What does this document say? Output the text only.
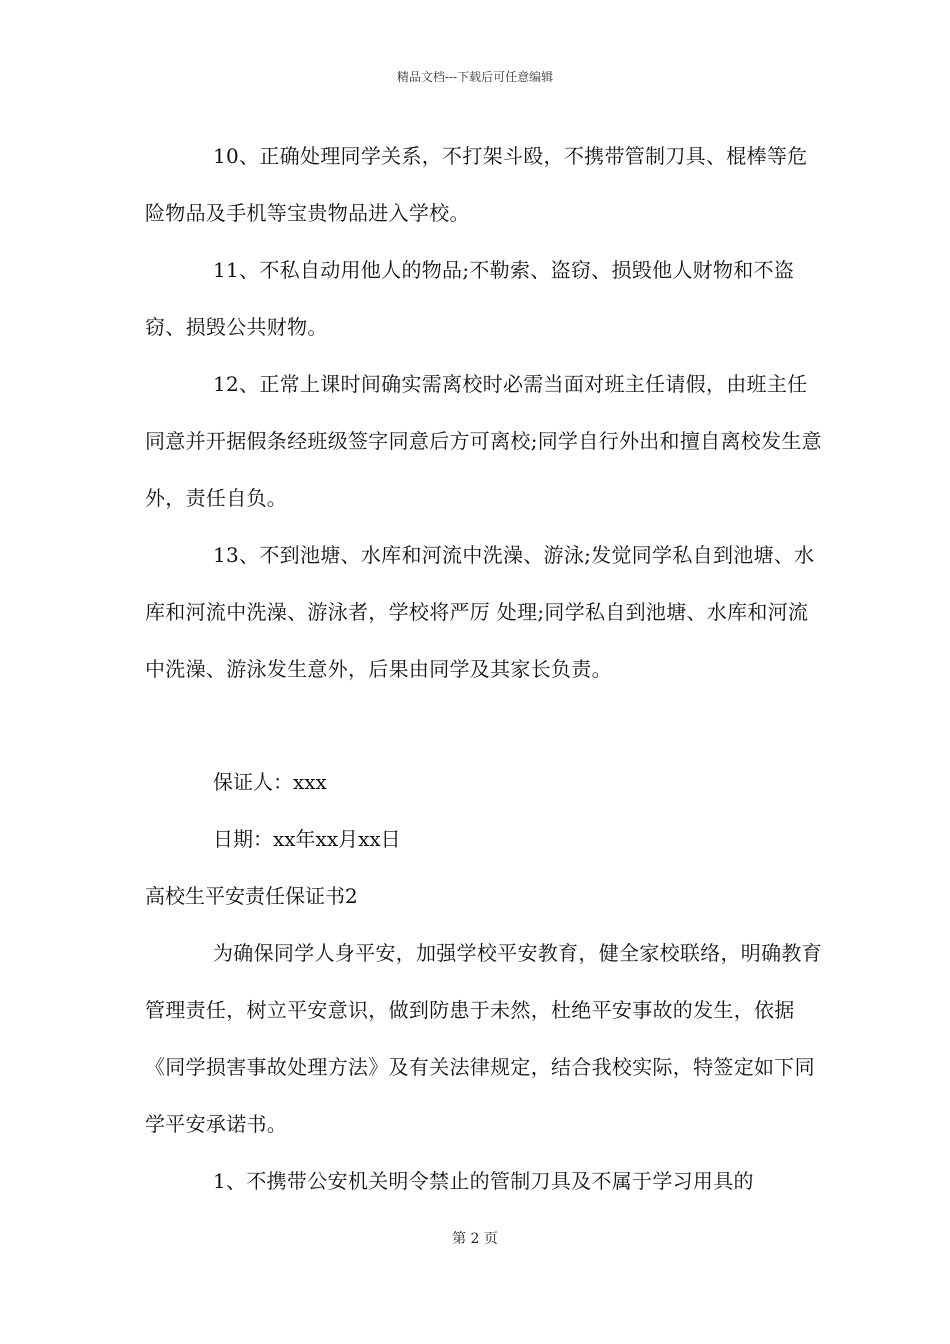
精品文档---下载后可任意编辑

10、正确处理同学关系，不打架斗殴，不携带管制刀具、棍棒等危险物品及手机等宝贵物品进入学校。

11、不私自动用他人的物品;不勒索、盗窃、损毁他人财物和不盗窃、损毁公共财物。

12、正常上课时间确实需离校时必需当面对班主任请假，由班主任同意并开据假条经班级签字同意后方可离校;同学自行外出和擅自离校发生意外，责任自负。

13、不到池塘、水库和河流中洗澡、游泳;发觉同学私自到池塘、水库和河流中洗澡、游泳者，学校将严厉 处理;同学私自到池塘、水库和河流中洗澡、游泳发生意外，后果由同学及其家长负责。

保证人：xxx

日期：xx年xx月xx日

高校生平安责任保证书2

为确保同学人身平安，加强学校平安教育，健全家校联络，明确教育管理责任，树立平安意识，做到防患于未然，杜绝平安事故的发生，依据《同学损害事故处理方法》及有关法律规定，结合我校实际，特签定如下同学平安承诺书。

1、不携带公安机关明令禁止的管制刀具及不属于学习用具的

第 2 页
